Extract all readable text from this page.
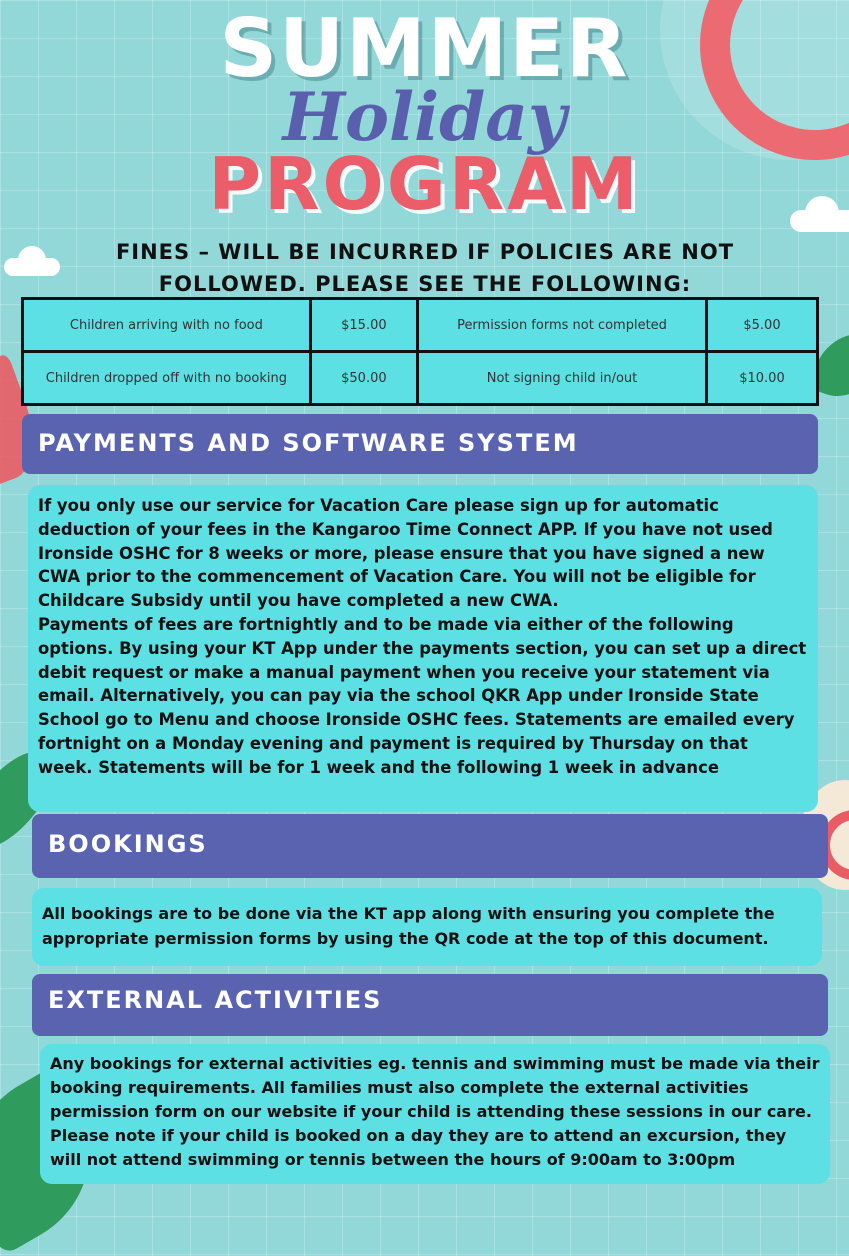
SUMMER
Holiday
PROGRAM

FINES – WILL BE INCURRED IF POLICIES ARE NOT FOLLOWED. PLEASE SEE THE FOLLOWING:

Children arriving with no food	$15.00	Permission forms not completed	$5.00
Children dropped off with no booking	$50.00	Not signing child in/out	$10.00
PAYMENTS AND SOFTWARE SYSTEM

If you only use our service for Vacation Care please sign up for automatic deduction of your fees in the Kangaroo Time Connect APP. If you have not used Ironside OSHC for 8 weeks or more, please ensure that you have signed a new CWA prior to the commencement of Vacation Care. You will not be eligible for Childcare Subsidy until you have completed a new CWA.

Payments of fees are fortnightly and to be made via either of the following options. By using your KT App under the payments section, you can set up a direct debit request or make a manual payment when you receive your statement via email. Alternatively, you can pay via the school QKR App under Ironside State School go to Menu and choose Ironside OSHC fees. Statements are emailed every fortnight on a Monday evening and payment is required by Thursday on that week. Statements will be for 1 week and the following 1 week in advance

BOOKINGS

All bookings are to be done via the KT app along with ensuring you complete the appropriate permission forms by using the QR code at the top of this document.

EXTERNAL ACTIVITIES

Any bookings for external activities eg. tennis and swimming must be made via their booking requirements. All families must also complete the external activities permission form on our website if your child is attending these sessions in our care. Please note if your child is booked on a day they are to attend an excursion, they will not attend swimming or tennis between the hours of 9:00am to 3:00pm
